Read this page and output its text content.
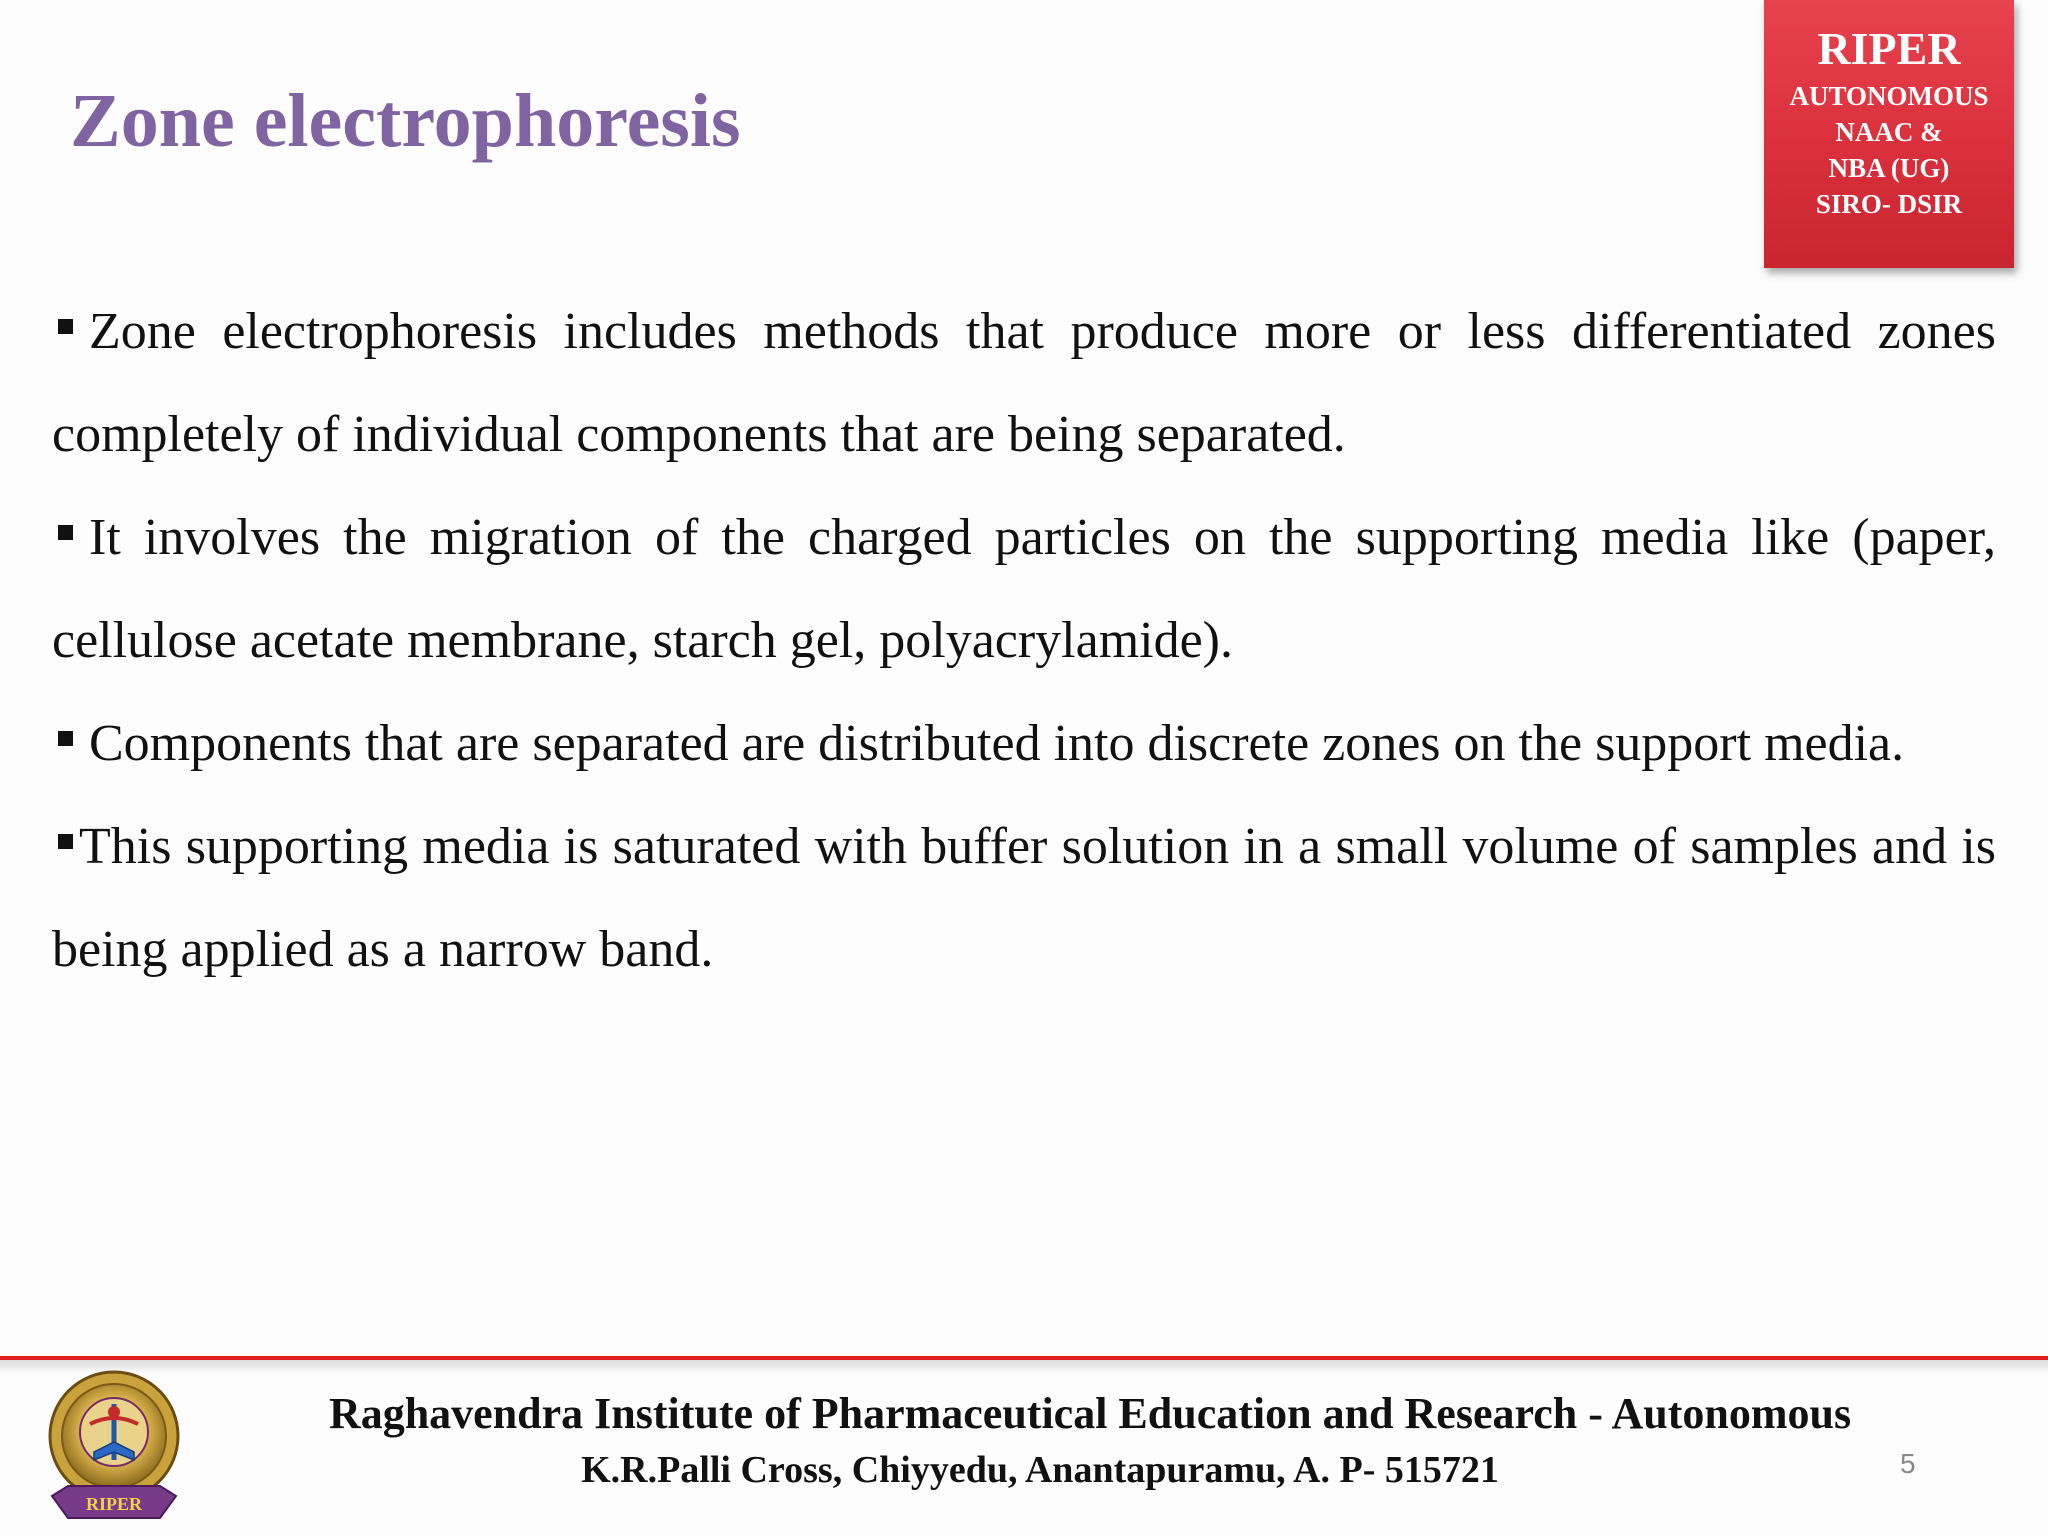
Zone electrophoresis
RIPER
AUTONOMOUS
NAAC &
NBA (UG)
SIRO- DSIR

Zone electrophoresis includes methods that produce more or less differentiated zones completely of individual components that are being separated.

It involves the migration of the charged particles on the supporting media like (paper, cellulose acetate membrane, starch gel, polyacrylamide).

Components that are separated are distributed into discrete zones on the support media.

This supporting media is saturated with buffer solution in a small volume of samples and is being applied as a narrow band.

RIPER
Raghavendra Institute of Pharmaceutical Education and Research - Autonomous
K.R.Palli Cross, Chiyyedu, Anantapuramu, A. P- 515721	5
